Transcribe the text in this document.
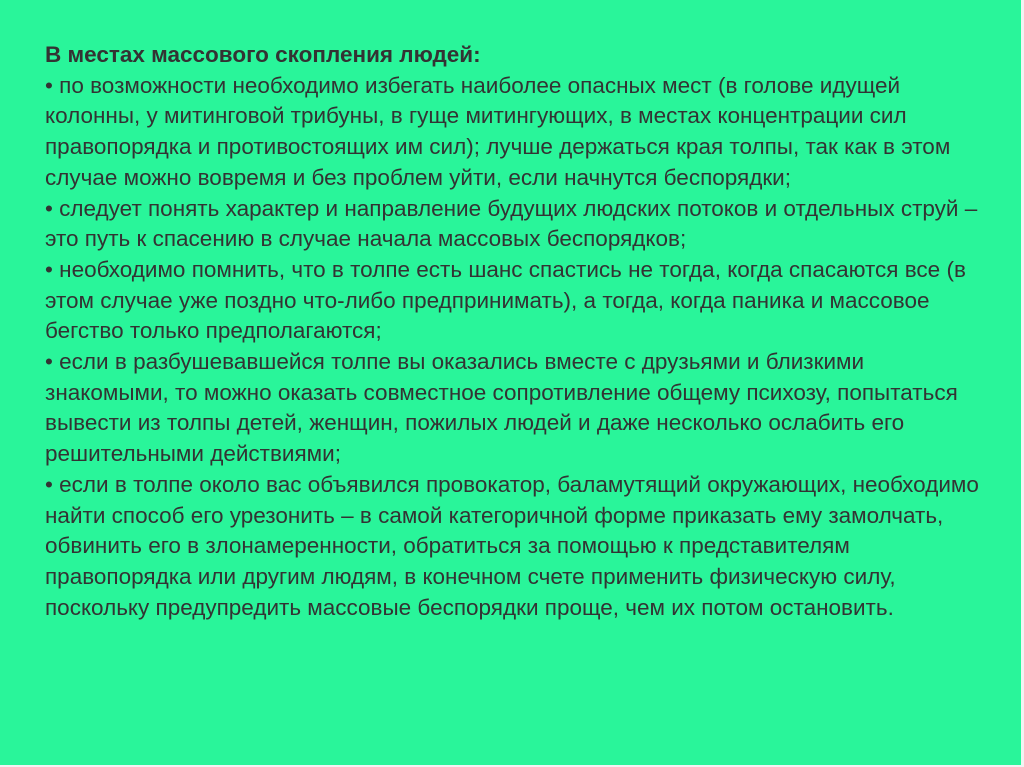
В местах массового скопления людей:

• по возможности необходимо избегать наиболее опасных мест (в голове идущей колонны, у митинговой трибуны, в гуще митингующих, в местах концентрации сил правопорядка и противостоящих им сил); лучше держаться края толпы, так как в этом случае можно вовремя и без проблем уйти, если начнутся беспорядки;

• следует понять характер и направление будущих людских потоков и отдельных струй – это путь к спасению в случае начала массовых беспорядков;

• необходимо помнить, что в толпе есть шанс спастись не тогда, когда спасаются все (в этом случае уже поздно что-либо предпринимать), а тогда, когда паника и массовое бегство только предполагаются;

• если в разбушевавшейся толпе вы оказались вместе с друзьями и близкими знакомыми, то можно оказать совместное сопротивление общему психозу, попытаться вывести из толпы детей, женщин, пожилых людей и даже несколько ослабить его решительными действиями;

• если в толпе около вас объявился провокатор, баламутящий окружающих, необходимо найти способ его урезонить – в самой категоричной форме приказать ему замолчать, обвинить его в злонамеренности, обратиться за помощью к представителям правопорядка или другим людям, в конечном счете применить физическую силу, поскольку предупредить массовые беспорядки проще, чем их потом остановить.
